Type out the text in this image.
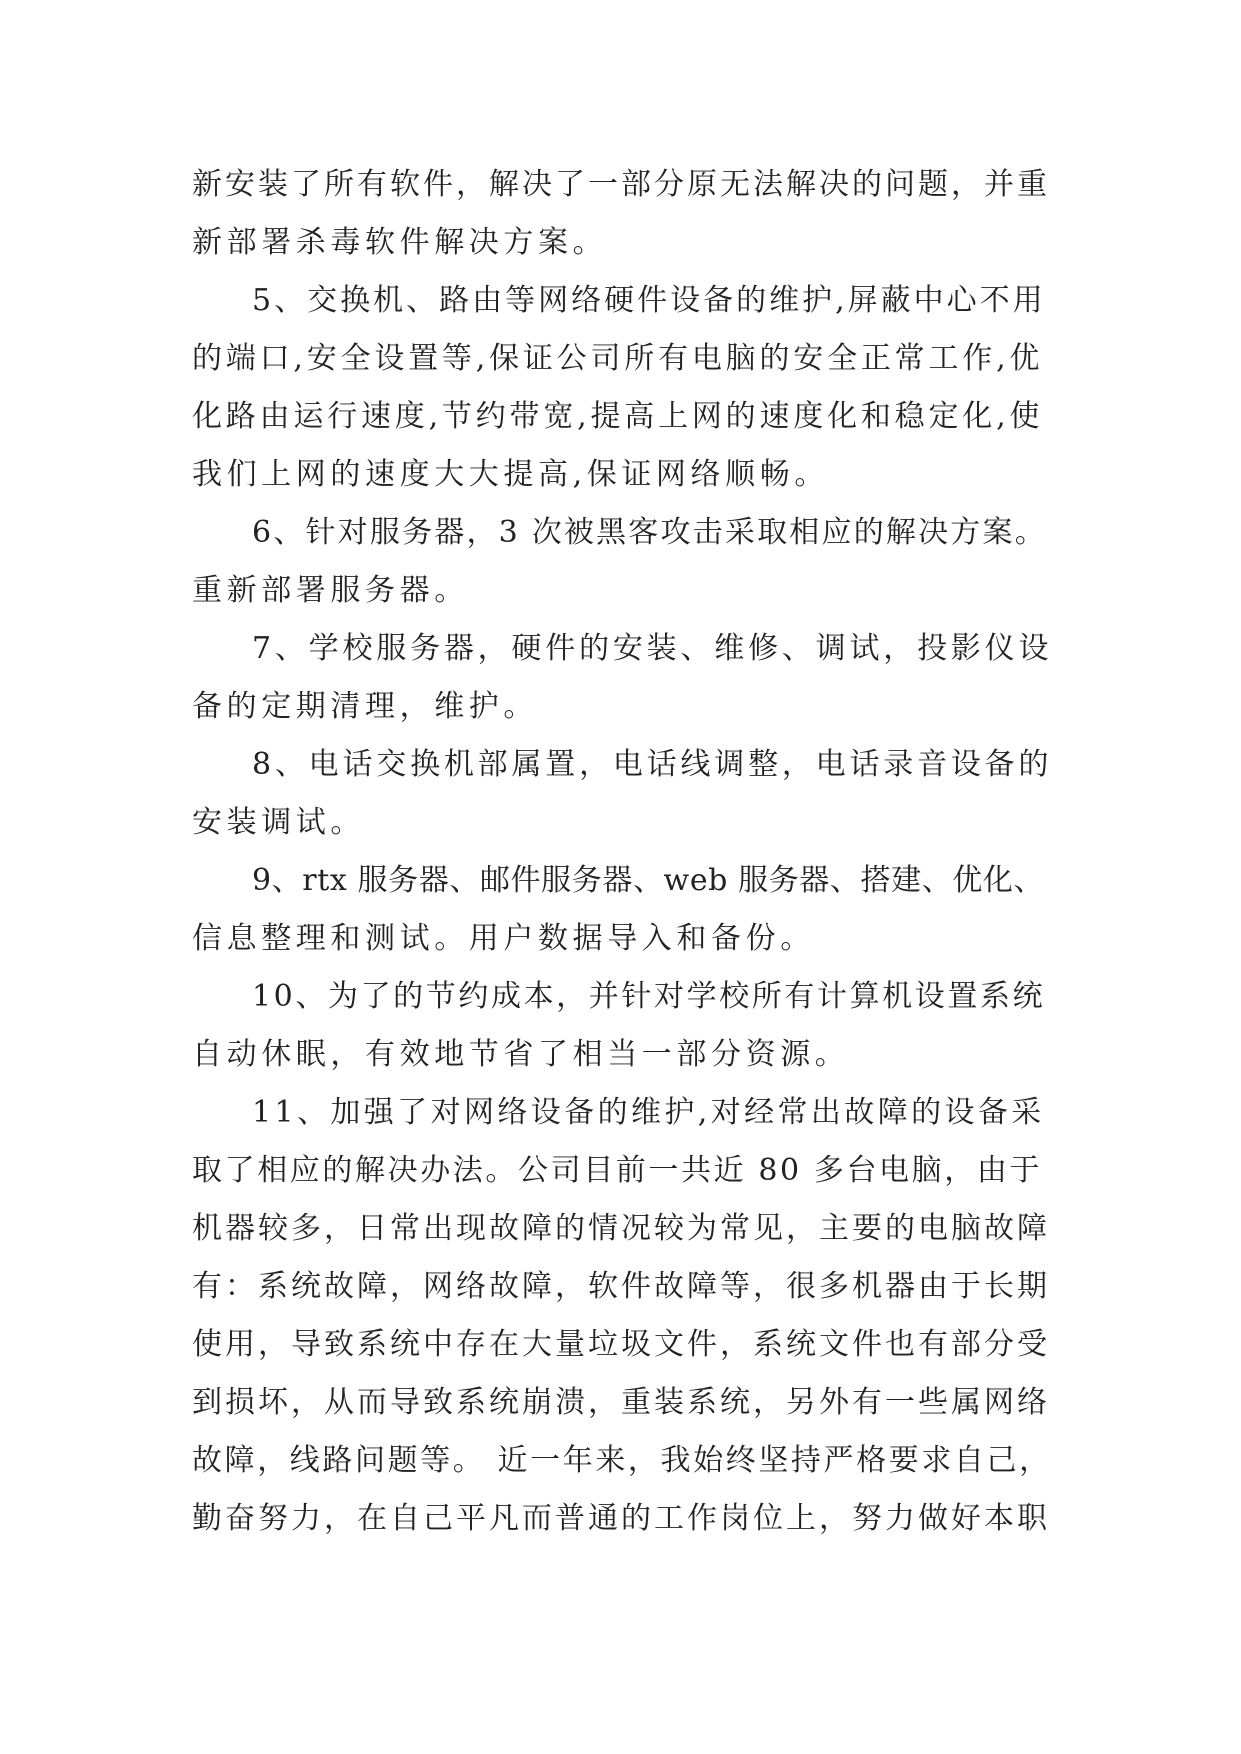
新安装了所有软件，解决了一部分原无法解决的问题，并重
新部署杀毒软件解决方案。
5、交换机、路由等网络硬件设备的维护,屏蔽中心不用
的端口,安全设置等,保证公司所有电脑的安全正常工作,优
化路由运行速度,节约带宽,提高上网的速度化和稳定化,使
我们上网的速度大大提高,保证网络顺畅。
6、针对服务器，3 次被黑客攻击采取相应的解决方案。
重新部署服务器。
7、学校服务器，硬件的安装、维修、调试，投影仪设
备的定期清理，维护。
8、电话交换机部属置，电话线调整，电话录音设备的
安装调试。
9、rtx 服务器、邮件服务器、web 服务器、搭建、优化、
信息整理和测试。用户数据导入和备份。
10、为了的节约成本，并针对学校所有计算机设置系统
自动休眠，有效地节省了相当一部分资源。
11、加强了对网络设备的维护,对经常出故障的设备采
取了相应的解决办法。公司目前一共近 80 多台电脑，由于
机器较多，日常出现故障的情况较为常见，主要的电脑故障
有：系统故障，网络故障，软件故障等，很多机器由于长期
使用，导致系统中存在大量垃圾文件，系统文件也有部分受
到损坏，从而导致系统崩溃，重装系统，另外有一些属网络
故障，线路问题等。 近一年来，我始终坚持严格要求自己，
勤奋努力，在自己平凡而普通的工作岗位上，努力做好本职
